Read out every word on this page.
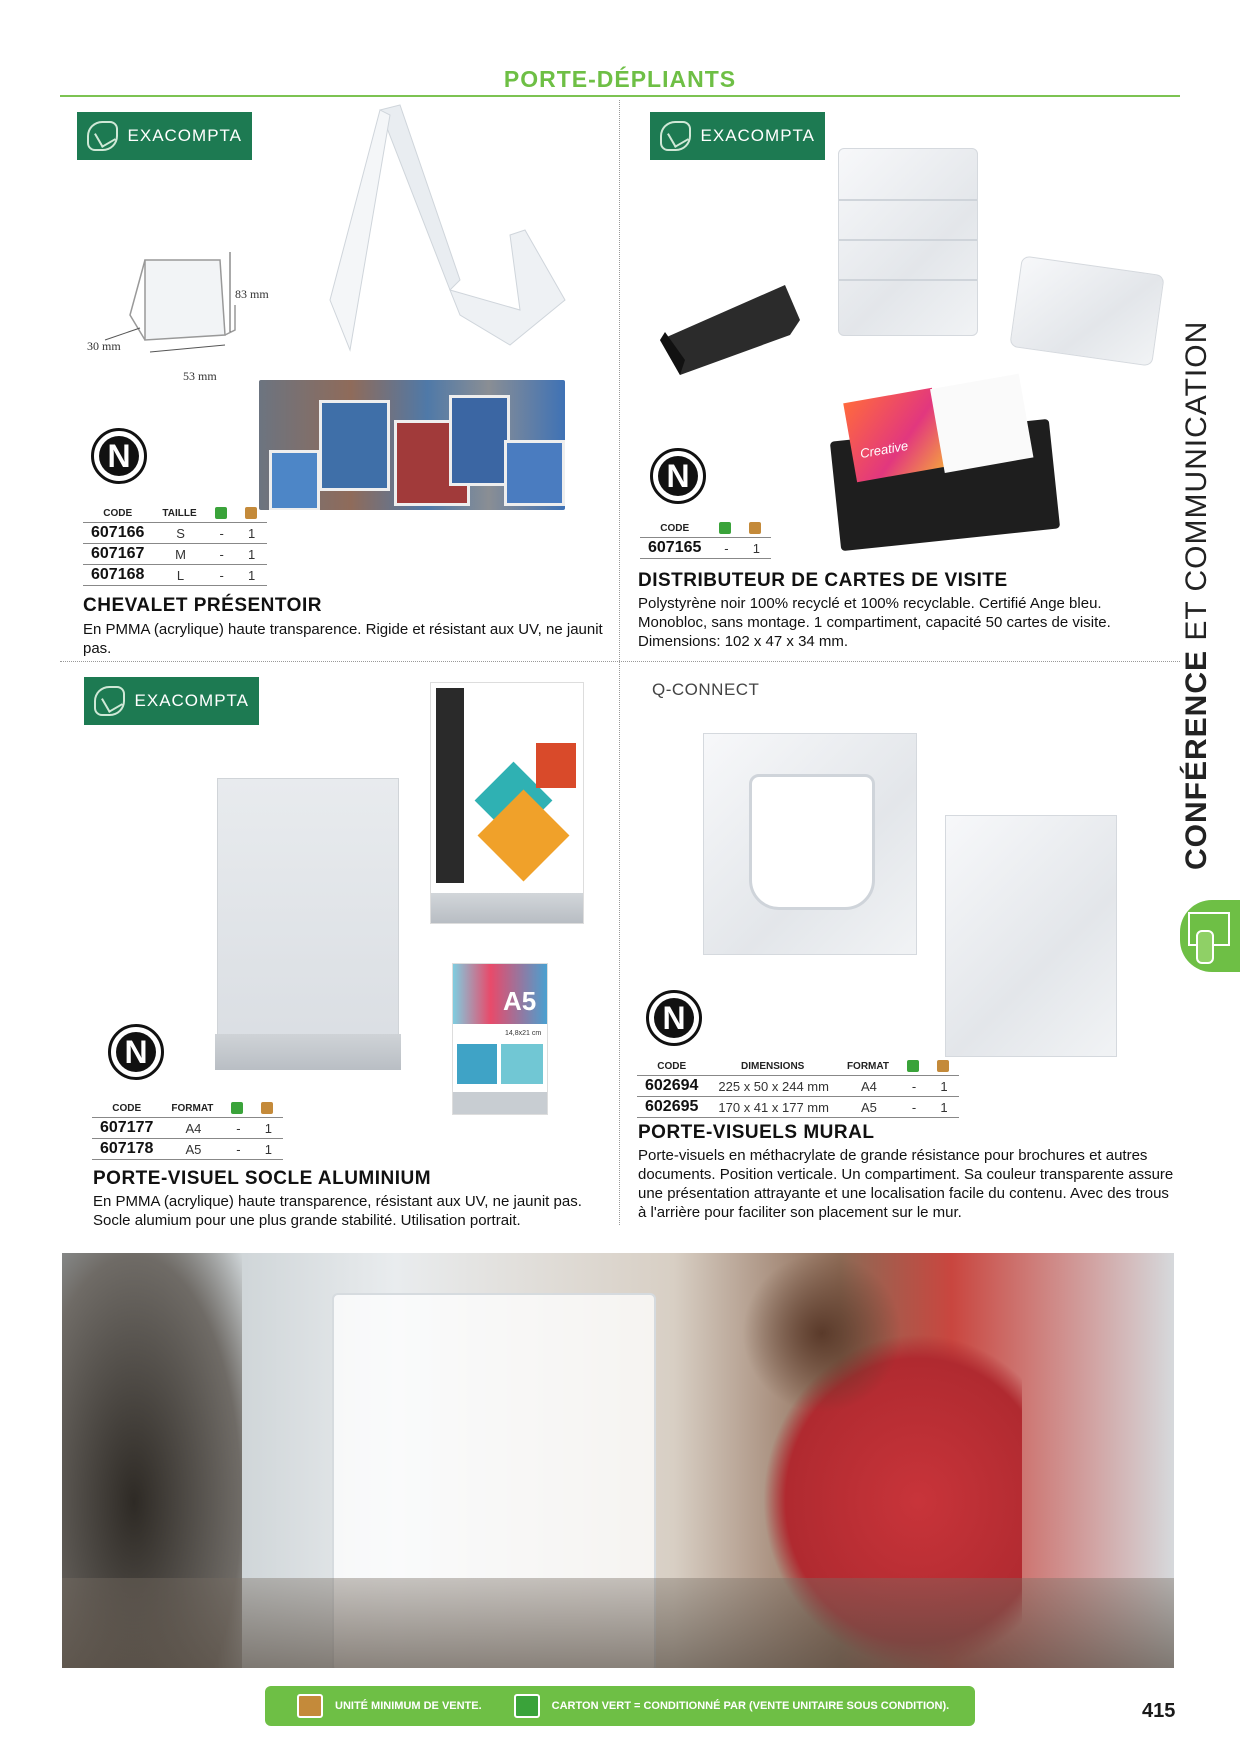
PORTE-DÉPLIANTS
EXACOMPTA
83 mm
30 mm
53 mm
N
CODE	TAILLE		
607166	S	-	1
607167	M	-	1
607168	L	-	1
CHEVALET PRÉSENTOIR
En PMMA (acrylique) haute transparence. Rigide et résistant aux UV, ne jaunit pas.
EXACOMPTA
Creative
N
CODE		
607165	-	1
DISTRIBUTEUR DE CARTES DE VISITE
Polystyrène noir 100% recyclé et 100% recyclable. Certifié Ange bleu. Monobloc, sans montage. 1 compartiment, capacité 50 cartes de visite. Dimensions: 102 x 47 x 34 mm.
EXACOMPTA
A5
14,8x21 cm
N
CODE	FORMAT		
607177	A4	-	1
607178	A5	-	1
PORTE-VISUEL SOCLE ALUMINIUM
En PMMA (acrylique) haute transparence, résistant aux UV, ne jaunit pas. Socle alumium pour une plus grande stabilité. Utilisation portrait.
Q-CONNECT
N
CODE	DIMENSIONS	FORMAT		
602694	225 x 50 x 244 mm	A4	-	1
602695	170 x 41 x 177 mm	A5	-	1
PORTE-VISUELS MURAL
Porte-visuels en méthacrylate de grande résistance pour brochures et autres documents. Position verticale. Un compartiment. Sa couleur transparente assure une présentation attrayante et une localisation facile du contenu. Avec des trous à l'arrière pour faciliter son placement sur le mur.
CONFÉRENCE ET COMMUNICATION
UNITÉ MINIMUM DE VENTE.	CARTON VERT = CONDITIONNÉ PAR (VENTE UNITAIRE SOUS CONDITION).	415
